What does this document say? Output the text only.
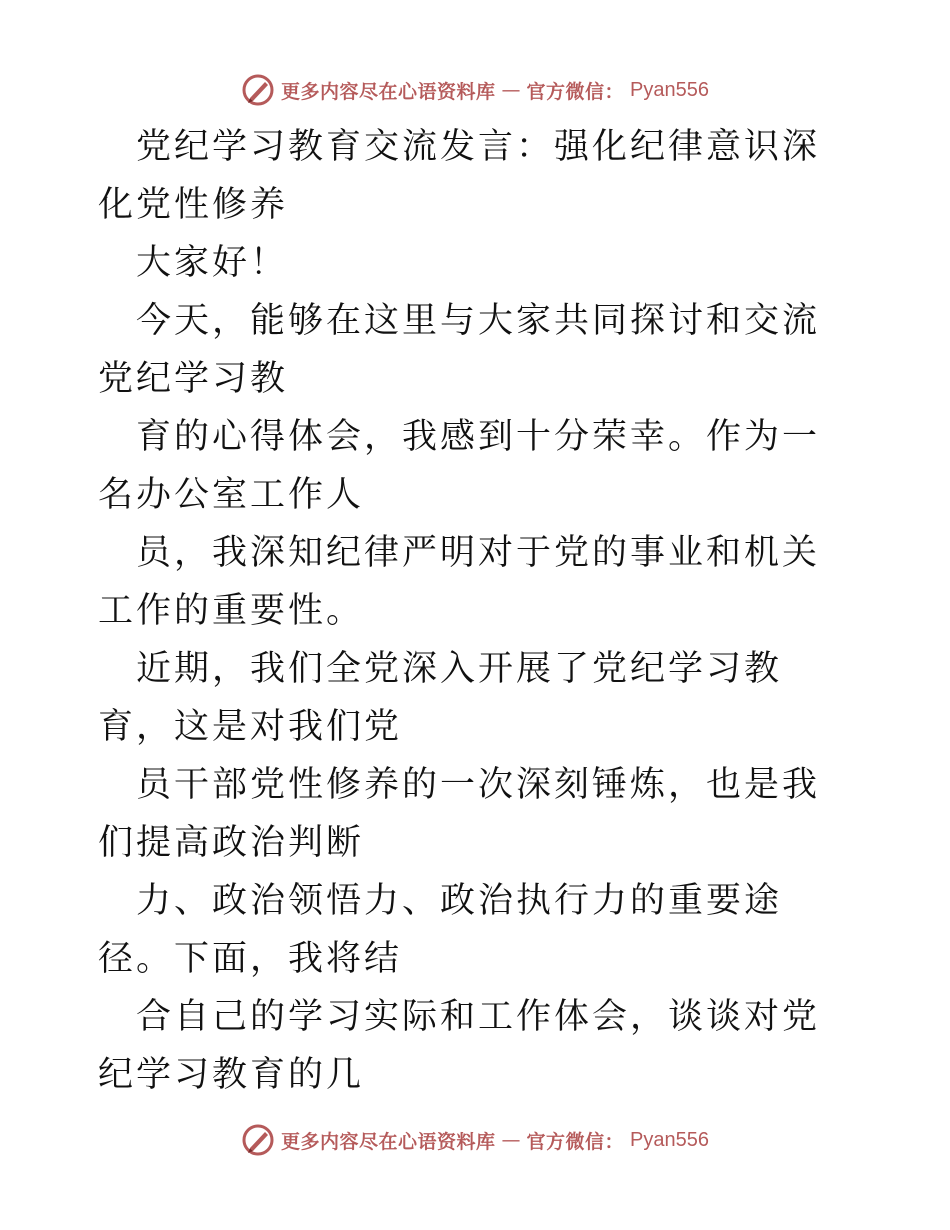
更多内容尽在心语资料库 — 官方微信： Pyan556

党纪学习教育交流发言：强化纪律意识深化党性修养

大家好！

今天，能够在这里与大家共同探讨和交流党纪学习教

育的心得体会，我感到十分荣幸。作为一名办公室工作人

员，我深知纪律严明对于党的事业和机关工作的重要性。

近期，我们全党深入开展了党纪学习教育，这是对我们党

员干部党性修养的一次深刻锤炼，也是我们提高政治判断

力、政治领悟力、政治执行力的重要途径。下面，我将结

合自己的学习实际和工作体会，谈谈对党纪学习教育的几

更多内容尽在心语资料库 — 官方微信： Pyan556
